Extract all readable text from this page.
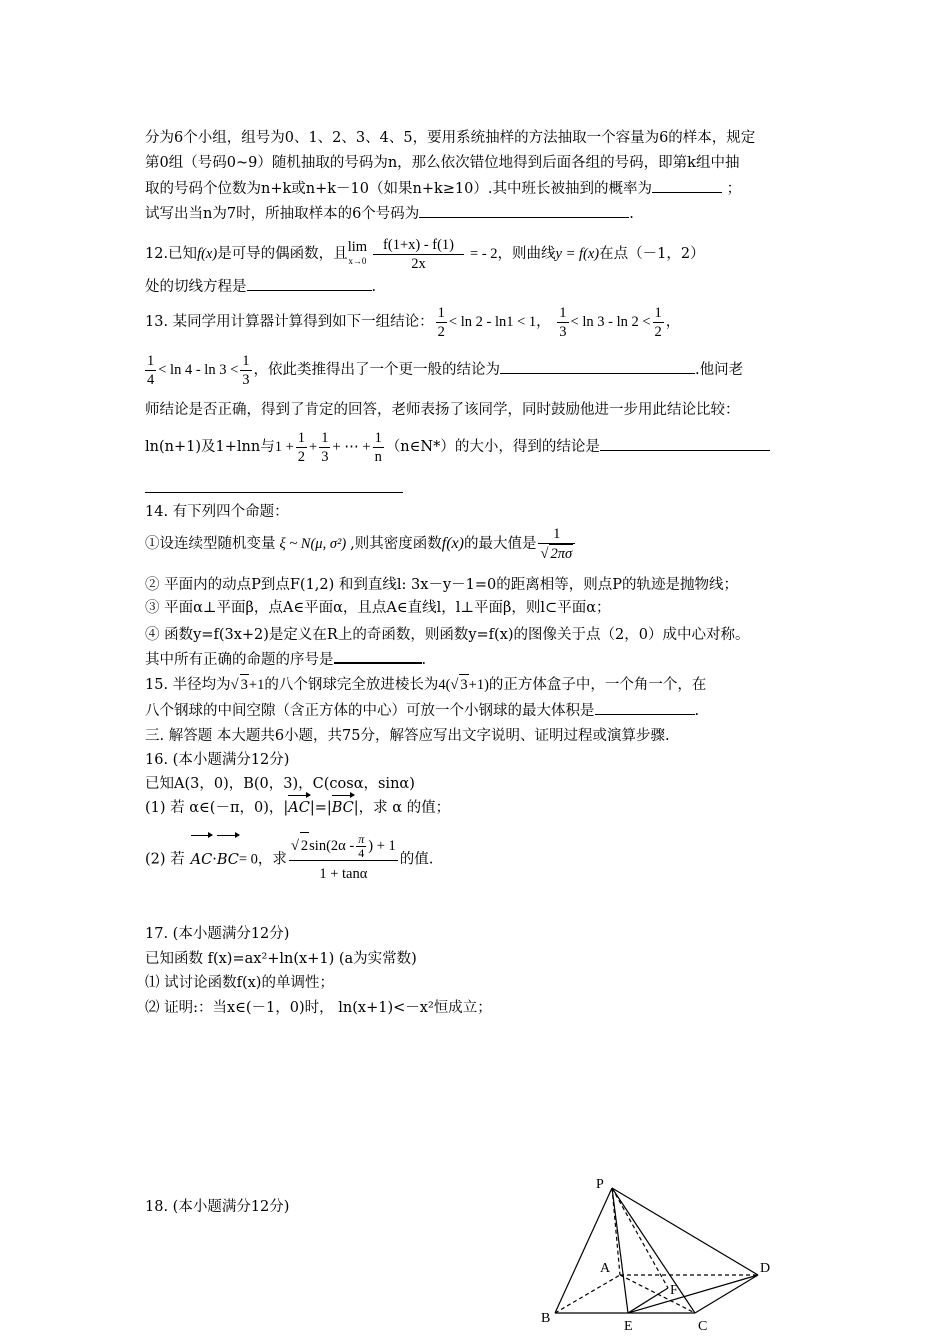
分为6个小组，组号为0、1、2、3、4、5，要用系统抽样的方法抽取一个容量为6的样本，规定
第0组（号码0~9）随机抽取的号码为n，那么依次错位地得到后面各组的号码，即第k组中抽
取的号码个位数为n+k或n+k－10（如果n+k≥10）.其中班长被抽到的概率为	；
试写出当n为7时，所抽取样本的6个号码为	.
12.已知f(x)是可导的偶函数，且 lim
$x\to 0 \frac{f(1+x) - f(1)}{2x}$ = - 2，则曲线y = f(x)在点（－1，2）
处的切线方程是	.
13. 某同学用计算器计算得到如下一组结论： $\frac{1}{2} < \ln 2 - \ln 1 < 1$， $\frac{1}{3} < \ln 3 - \ln 2 < \frac{1}{2}$ ，
$\frac{1}{4} < \ln 4 - \ln 3 < \frac{1}{3}$ ，依此类推得出了一个更一般的结论为	.他问老
师结论是否正确，得到了肯定的回答，老师表扬了该同学，同时鼓励他进一步用此结论比较：
ln(n+1)及1+lnn与$1 + \frac{1}{2} + \frac{1}{3}$ + ⋯ + $\frac{1}{n}$ （n∈N*）的大小，得到的结论是
14. 有下列四个命题：
①设连续型随机变量 ξ ~ N(μ, σ²) ,则其密度函数f(x)的最大值是 $\frac{1}{√ 2\pi\sigma}$
② 平面内的动点P到点F(1,2) 和到直线l: 3x－y－1=0的距离相等，则点P的轨迹是抛物线；
③ 平面α⊥平面β，点A∈平面α，且点A∈直线l，l⊥平面β，则l⊂平面α；
④ 函数y=f(3x+2)是定义在R上的奇函数，则函数y=f(x)的图像关于点（2，0）成中心对称。
其中所有正确的命题的序号是	.
15. 半径均为√ 3+1的八个钢球完全放进棱长为4(√ 3+1)的正方体盒子中，一个角一个，在
八个钢球的中间空隙（含正方体的中心）可放一个小钢球的最大体积是	.
三. 解答题 本大题共6小题，共75分，解答应写出文字说明、证明过程或演算步骤.
16. (本小题满分12分)
已知A(3，0)，B(0，3)，C(cosα，sinα)
(1) 若 α∈(－π，0)，|AC|=|BC|，求 α 的值；
(2) 若 AC·BC= 0，求 $\frac{√ 2\sin(2\alpha - \frac{\pi}{4} ) + 1}{1 + \tan\alpha}$ 的值.
17. (本小题满分12分)
已知函数 f(x)=ax²+ln(x+1) (a为实常数)
⑴ 试讨论函数f(x)的单调性；
⑵ 证明:：当x∈(－1，0)时， ln(x+1)<－x²恒成立；
18. (本小题满分12分)
P
A	D
F
B
E	C
